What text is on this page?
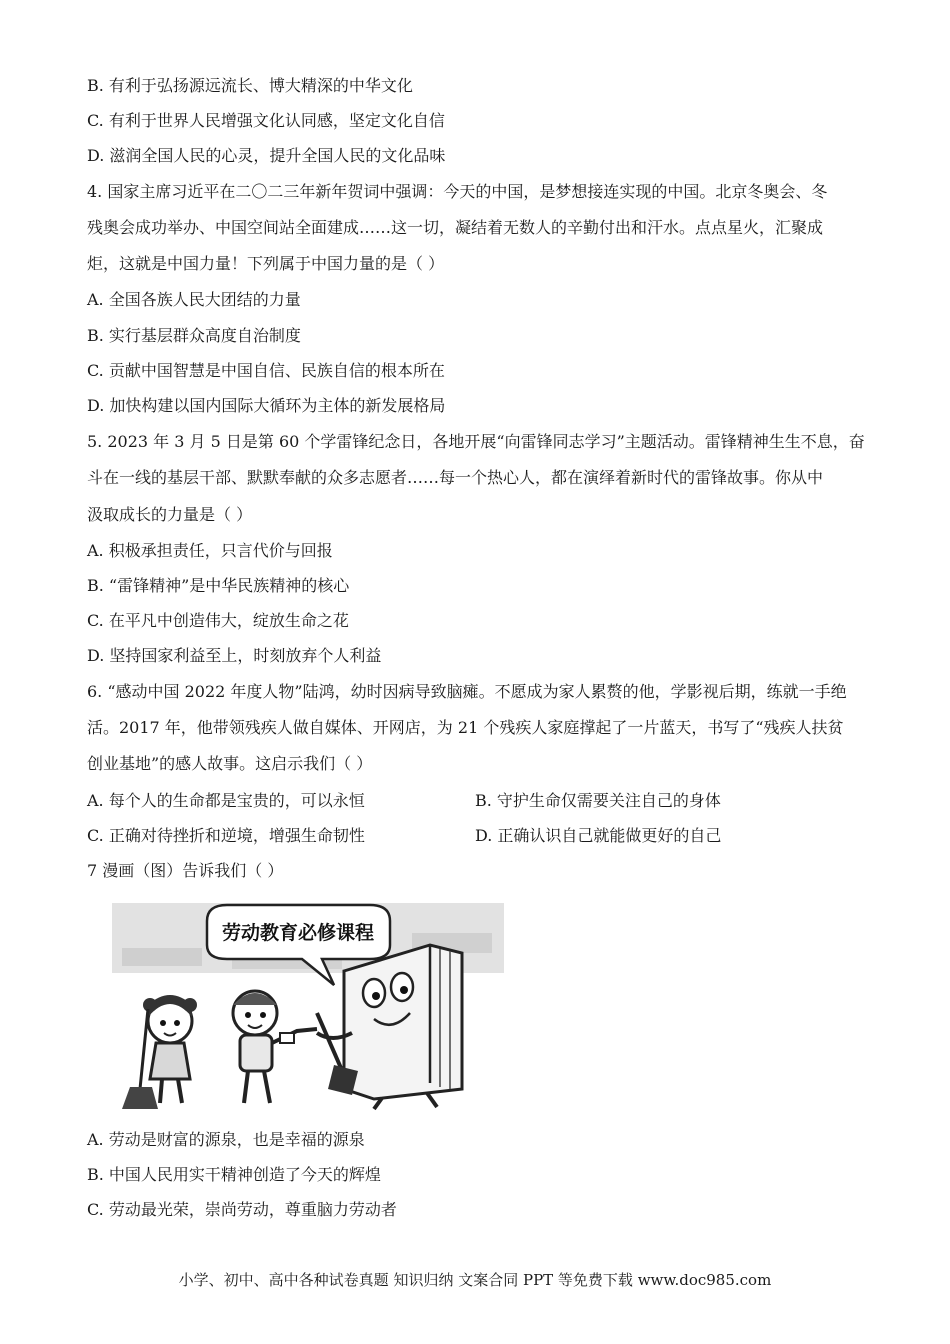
B. 有利于弘扬源远流长、博大精深的中华文化
C. 有利于世界人民增强文化认同感，坚定文化自信
D. 滋润全国人民的心灵，提升全国人民的文化品味
4. 国家主席习近平在二〇二三年新年贺词中强调：今天的中国，是梦想接连实现的中国。北京冬奥会、冬
残奥会成功举办、中国空间站全面建成……这一切，凝结着无数人的辛勤付出和汗水。点点星火，汇聚成
炬，这就是中国力量！下列属于中国力量的是（ ）
A. 全国各族人民大团结的力量
B. 实行基层群众高度自治制度
C. 贡献中国智慧是中国自信、民族自信的根本所在
D. 加快构建以国内国际大循环为主体的新发展格局
5. 2023 年 3 月 5 日是第 60 个学雷锋纪念日，各地开展“向雷锋同志学习”主题活动。雷锋精神生生不息，奋
斗在一线的基层干部、默默奉献的众多志愿者……每一个热心人，都在演绎着新时代的雷锋故事。你从中
汲取成长的力量是（ ）
A. 积极承担责任，只言代价与回报
B. “雷锋精神”是中华民族精神的核心
C. 在平凡中创造伟大，绽放生命之花
D. 坚持国家利益至上，时刻放弃个人利益
6. “感动中国 2022 年度人物”陆鸿，幼时因病导致脑瘫。不愿成为家人累赘的他，学影视后期，练就一手绝
活。2017 年，他带领残疾人做自媒体、开网店，为 21 个残疾人家庭撑起了一片蓝天，书写了“残疾人扶贫
创业基地”的感人故事。这启示我们（ ）
A. 每个人的生命都是宝贵的，可以永恒	B. 守护生命仅需要关注自己的身体
C. 正确对待挫折和逆境，增强生命韧性	D. 正确认识自己就能做更好的自己
7 漫画（图）告诉我们（ ）
劳动教育必修课程
A. 劳动是财富的源泉，也是幸福的源泉
B. 中国人民用实干精神创造了今天的辉煌
C. 劳动最光荣，崇尚劳动，尊重脑力劳动者
小学、初中、高中各种试卷真题 知识归纳 文案合同 PPT 等免费下载 www.doc985.com
